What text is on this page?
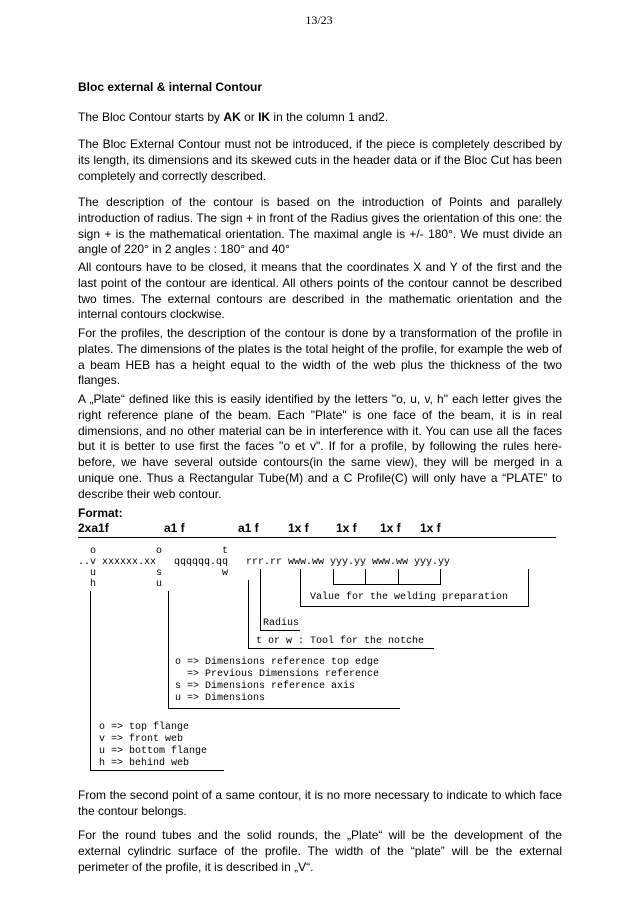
13/23
Bloc external & internal Contour

The Bloc Contour starts by AK or IK in the column 1 and2.

The Bloc External Contour must not be introduced, if the piece is completely described by its length, its dimensions and its skewed cuts in the header data or if the Bloc Cut has been completely and correctly described.

The description of the contour is based on the introduction of Points and parallely introduction of radius. The sign + in front of the Radius gives the orientation of this one: the sign + is the mathematical orientation. The maximal angle is +/- 180°. We must divide an angle of 220° in 2 angles : 180° and 40°

All contours have to be closed, it means that the coordinates X and Y of the first and the last point of the contour are identical. All others points of the contour cannot be described two times. The external contours are described in the mathematic orientation and the internal contours clockwise.

For the profiles, the description of the contour is done by a transformation of the profile in plates. The dimensions of the plates is the total height of the profile, for example the web of a beam HEB has a height equal to the width of the web plus the thickness of the two flanges.

A „Plate“ defined like this is easily identified by the letters "o, u, v, h" each letter gives the right reference plane of the beam. Each "Plate" is one face of the beam, it is in real dimensions, and no other material can be in interference with it. You can use all the faces but it is better to use first the faces "o et v". If for a profile, by following the rules here-before, we have several outside contours(in the same view), they will be merged in a unique one. Thus a Rectangular Tube(M) and a C Profile(C) will only have a “PLATE” to describe their web contour.

Format:
2xa1f	a1 f	a1 f 1x f 1x f 1x f 1x f
o          o          t
..v xxxxxx.xx   qqqqqq.qq   rrr.rr www.ww yyy.yy www.ww yyy.yy
u          s          w
h          u
Value for the welding preparation
Radius
t or w : Tool for the notche
o => Dimensions reference top edge
=> Previous Dimensions reference
s => Dimensions reference axis
u => Dimensions
o => top flange
v => front web
u => bottom flange
h => behind web

From the second point of a same contour, it is no more necessary to indicate to which face the contour belongs.

For the round tubes and the solid rounds, the „Plate“ will be the development of the external cylindric surface of the profile. The width of the “plate” will be the external perimeter of the profile, it is described in „V“.
